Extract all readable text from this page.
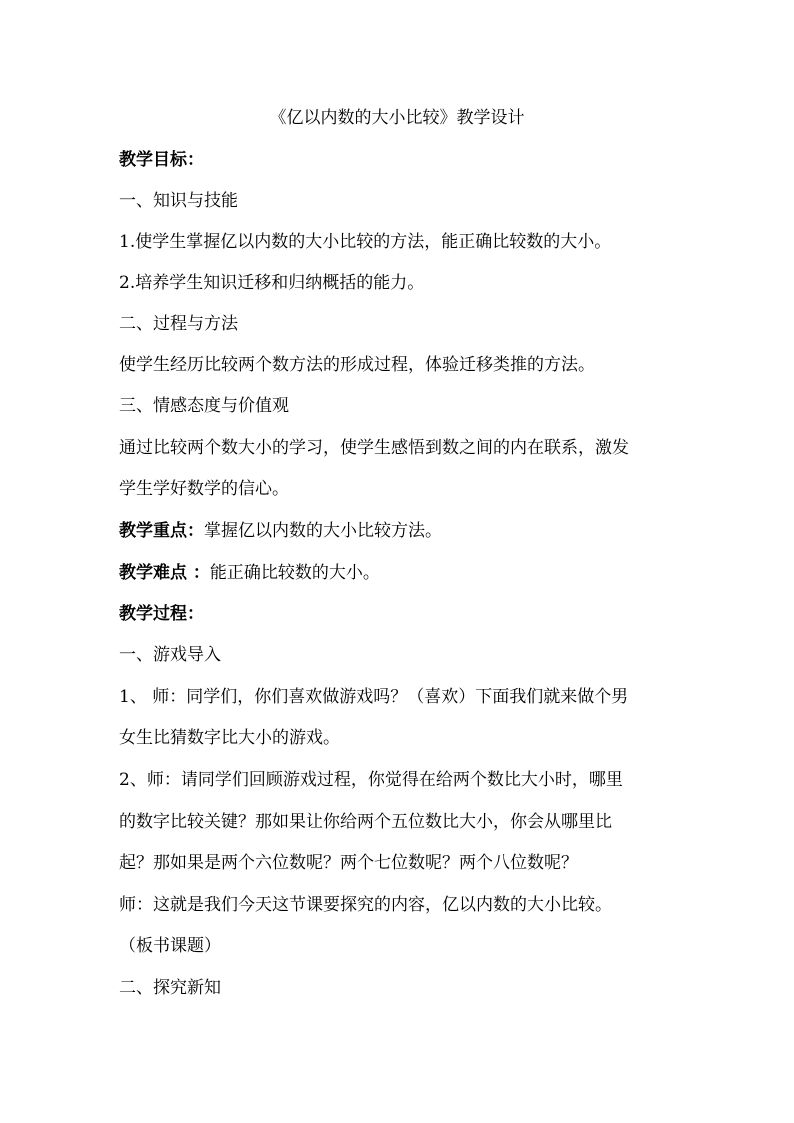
《亿以内数的大小比较》教学设计
教学目标：
一、知识与技能
1.使学生掌握亿以内数的大小比较的方法，能正确比较数的大小。
2.培养学生知识迁移和归纳概括的能力。
二、过程与方法
使学生经历比较两个数方法的形成过程，体验迁移类推的方法。
三、情感态度与价值观
通过比较两个数大小的学习，使学生感悟到数之间的内在联系，激发
学生学好数学的信心。
教学重点：掌握亿以内数的大小比较方法。
教学难点 ：能正确比较数的大小。
教学过程：
一、游戏导入
1、 师：同学们，你们喜欢做游戏吗？（喜欢）下面我们就来做个男
女生比猜数字比大小的游戏。
2、师：请同学们回顾游戏过程，你觉得在给两个数比大小时，哪里
的数字比较关键？那如果让你给两个五位数比大小，你会从哪里比
起？那如果是两个六位数呢？两个七位数呢？两个八位数呢？
师：这就是我们今天这节课要探究的内容，亿以内数的大小比较。
（板书课题）
二、探究新知
